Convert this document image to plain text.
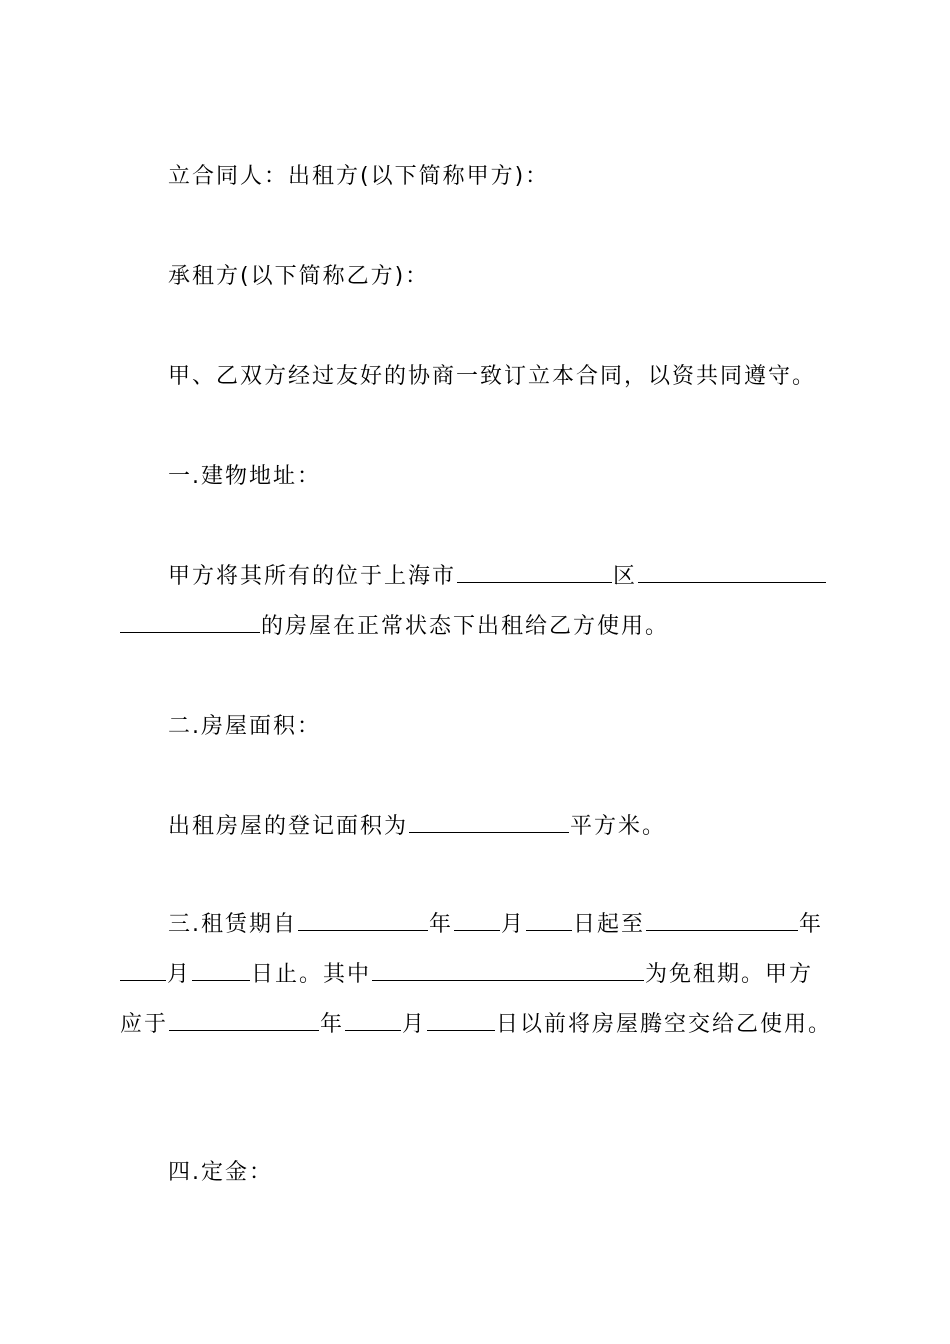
立合同人：出租方(以下简称甲方)：
承租方(以下简称乙方)：
甲、乙双方经过友好的协商一致订立本合同，以资共同遵守。
一.建物地址：
甲方将其所有的位于上海市	区
的房屋在正常状态下出租给乙方使用。
二.房屋面积：
出租房屋的登记面积为	平方米。
三.租赁期自	年 月 日起至	年
月	日止。其中	为免租期。甲方
应于	年	月	日以前将房屋腾空交给乙使用。
四.定金：
